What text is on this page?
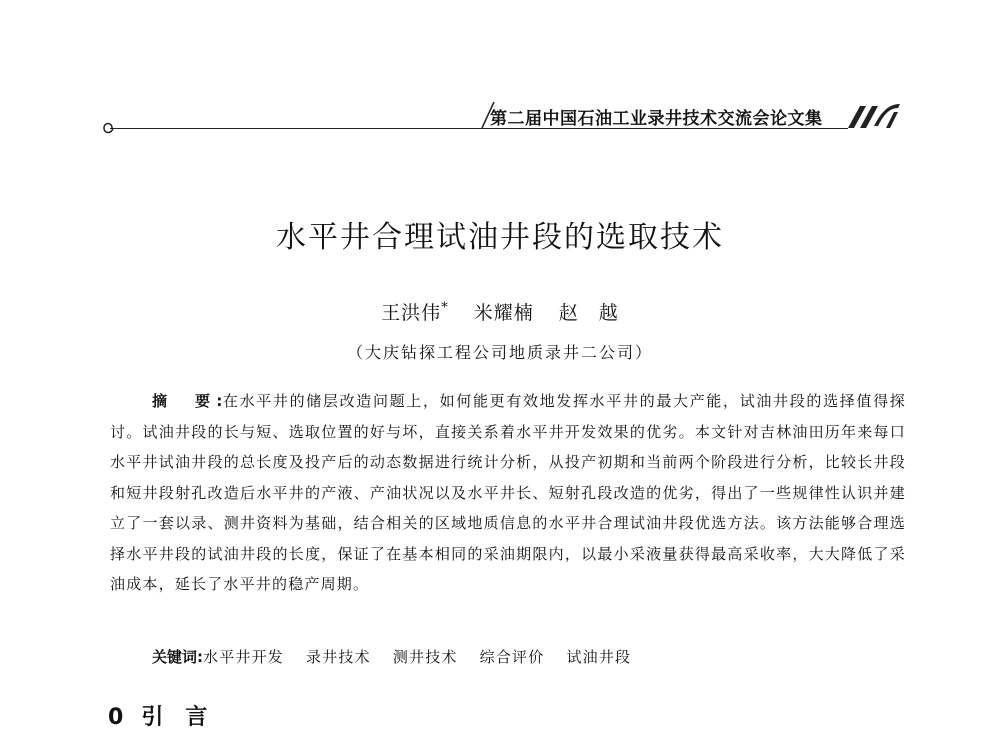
第二届中国石油工业录井技术交流会论文集
水平井合理试油井段的选取技术
王洪伟* 米耀楠 赵　越
（大庆钻探工程公司地质录井二公司）
摘　要:在水平井的储层改造问题上，如何能更有效地发挥水平井的最大产能，试油井段的选择值得探讨。试油井段的长与短、选取位置的好与坏，直接关系着水平井开发效果的优劣。本文针对吉林油田历年来每口水平井试油井段的总长度及投产后的动态数据进行统计分析，从投产初期和当前两个阶段进行分析，比较长井段和短井段射孔改造后水平井的产液、产油状况以及水平井长、短射孔段改造的优劣，得出了一些规律性认识并建立了一套以录、测井资料为基础，结合相关的区域地质信息的水平井合理试油井段优选方法。该方法能够合理选择水平井段的试油井段的长度，保证了在基本相同的采油期限内，以最小采液量获得最高采收率，大大降低了采油成本，延长了水平井的稳产周期。
关键词:水平井开发 录井技术 测井技术 综合评价 试油井段
0 引 言
